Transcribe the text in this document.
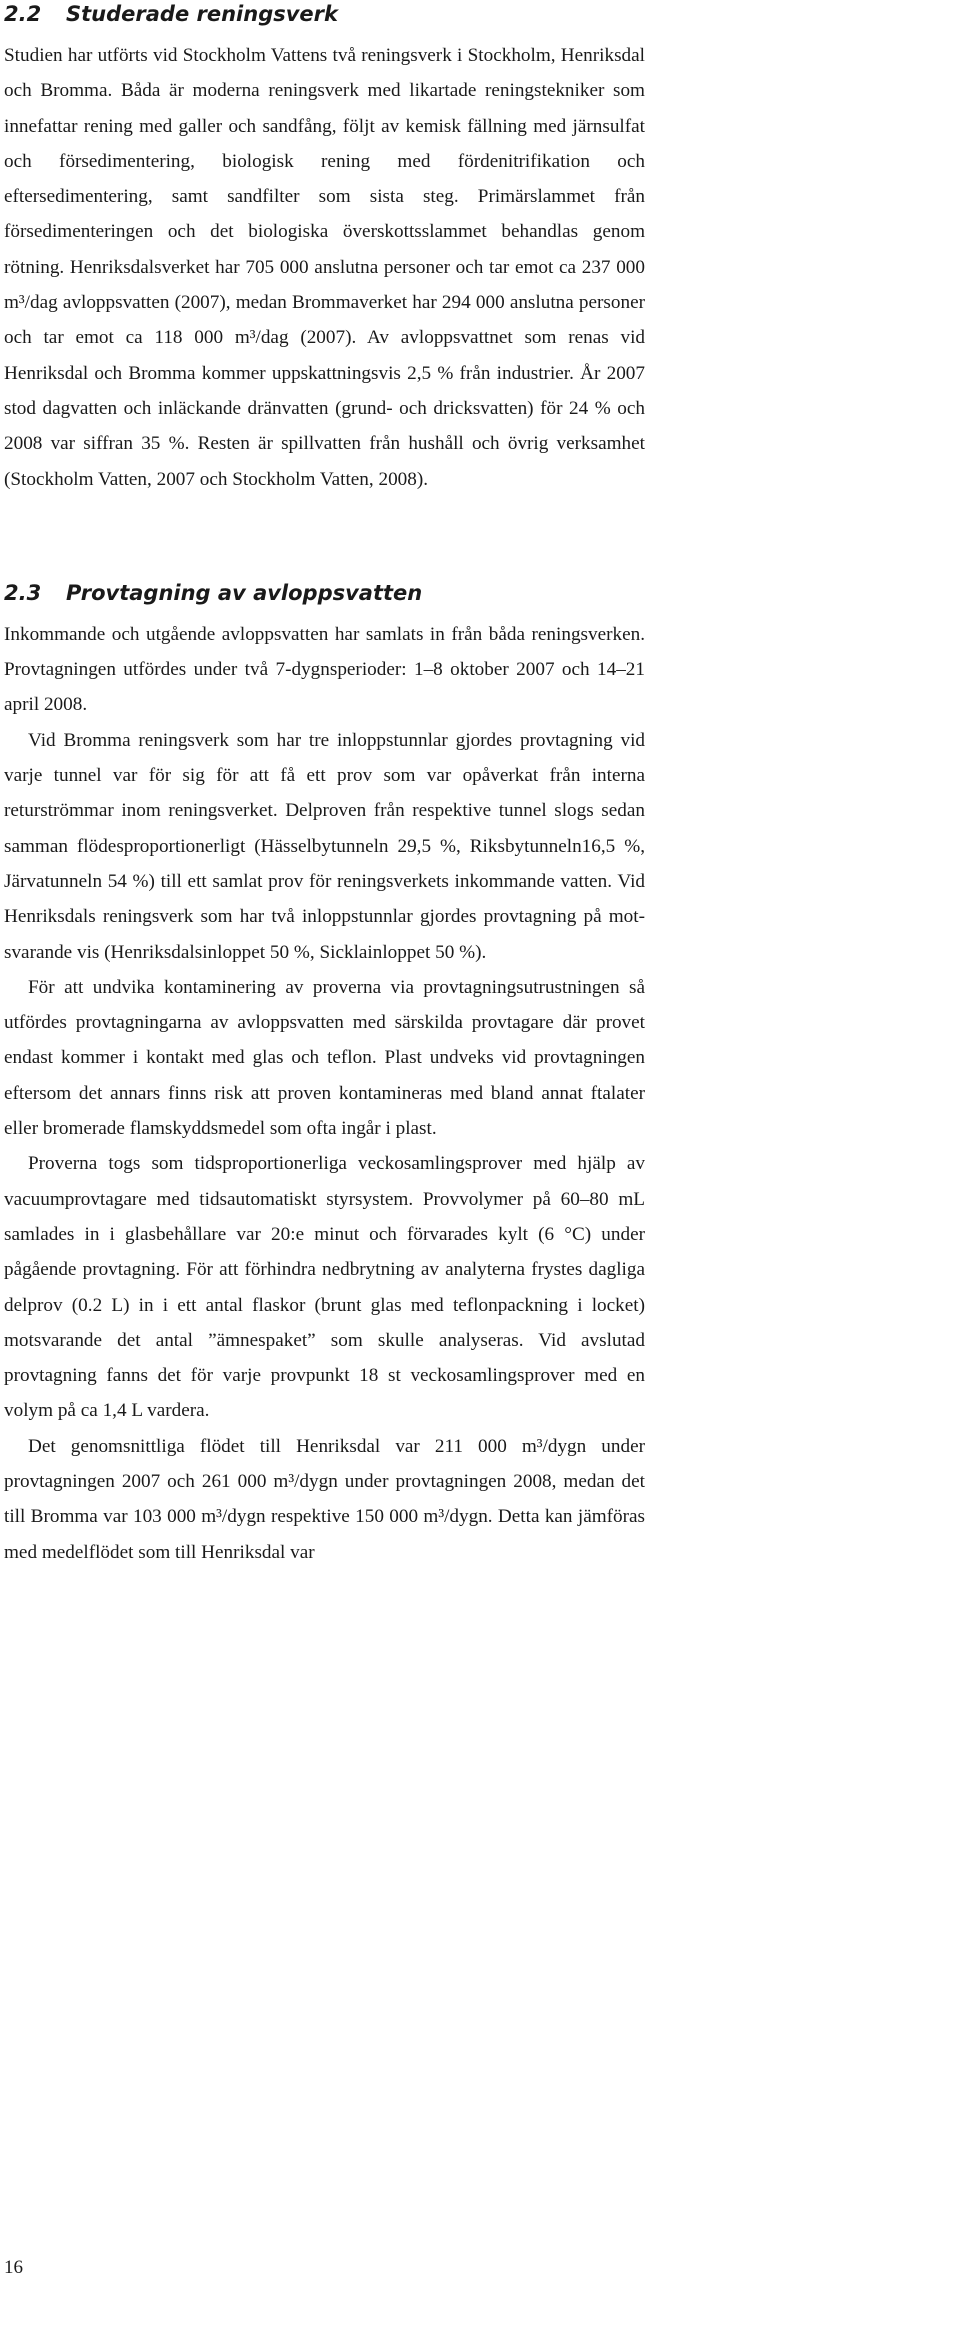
2.2 Studerade reningsverk

Studien har utförts vid Stockholm Vattens två reningsverk i Stockholm, Henriksdal och Bromma. Båda är moderna reningsverk med likartade reningstekniker som innefattar rening med galler och sandfång, följt av kemisk fällning med järnsulfat och försedimentering, biologisk rening med fördenitrifikation och eftersedimentering, samt sandfilter som sista steg. Primärslammet från försedimenteringen och det biologiska överskottsslammet behandlas genom rötning. Henriksdalsverket har 705 000 anslutna personer och tar emot ca 237 000 m³/dag avloppsvatten (2007), medan Brommaverket har 294 000 anslutna personer och tar emot ca 118 000 m³/dag (2007). Av avloppsvattnet som renas vid Henriksdal och Bromma kommer uppskattningsvis 2,5 % från industrier. År 2007 stod dagvatten och inläckande dränvatten (grund- och dricksvatten) för 24 % och 2008 var siffran 35 %. Resten är spillvatten från hushåll och övrig verksamhet (Stockholm Vatten, 2007 och Stockholm Vatten, 2008).

2.3 Provtagning av avloppsvatten

Inkommande och utgående avloppsvatten har samlats in från båda reningsverken. Provtagningen utfördes under två 7-dygnsperioder: 1–8 oktober 2007 och 14–21 april 2008.

Vid Bromma reningsverk som har tre inloppstunnlar gjordes provtagning vid varje tunnel var för sig för att få ett prov som var opåverkat från interna returströmmar inom reningsverket. Delproven från respektive tunnel slogs sedan samman flödesproportionerligt (Hässelbytunneln 29,5 %, Riksbytunneln16,5 %, Järvatunneln 54 %) till ett samlat prov för reningsverkets inkommande vatten. Vid Henriksdals reningsverk som har två inloppstunnlar gjordes provtagning på motsvarande vis (Henriksdalsinloppet 50 %, Sicklainloppet 50 %).

För att undvika kontaminering av proverna via provtagningsutrustningen så utfördes provtagningarna av avloppsvatten med särskilda provtagare där provet endast kommer i kontakt med glas och teflon. Plast undveks vid provtagningen eftersom det annars finns risk att proven kontamineras med bland annat ftalater eller bromerade flamskyddsmedel som ofta ingår i plast.

Proverna togs som tidsproportionerliga veckosamlingsprover med hjälp av vacuumprovtagare med tidsautomatiskt styrsystem. Provvolymer på 60–80 mL samlades in i glasbehållare var 20:e minut och förvarades kylt (6 °C) under pågående provtagning. För att förhindra nedbrytning av analyterna frystes dagliga delprov (0.2 L) in i ett antal flaskor (brunt glas med teflonpackning i locket) motsvarande det antal ”ämnespaket” som skulle analyseras. Vid avslutad provtagning fanns det för varje provpunkt 18 st veckosamlingsprover med en volym på ca 1,4 L vardera.

Det genomsnittliga flödet till Henriksdal var 211 000 m³/dygn under provtagningen 2007 och 261 000 m³/dygn under provtagningen 2008, medan det till Bromma var 103 000 m³/dygn respektive 150 000 m³/dygn. Detta kan jämföras med medelflödet som till Henriksdal var

16
